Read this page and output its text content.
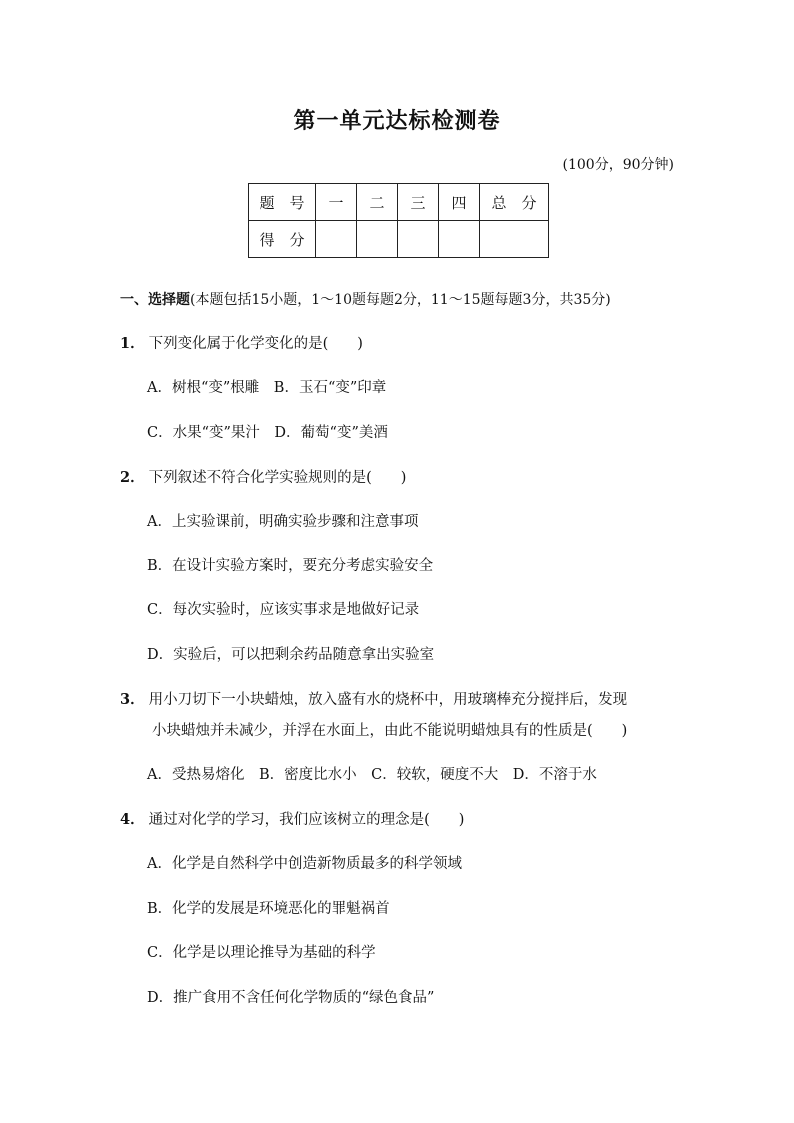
第一单元达标检测卷
(100分，90分钟)
题　号	一	二	三	四	总　分
得　分					
一、选择题(本题包括15小题，1～10题每题2分，11～15题每题3分，共35分)
1． 下列变化属于化学变化的是(　　)
A．树根“变”根雕　B．玉石“变”印章
C．水果“变”果汁　D．葡萄“变”美酒
2． 下列叙述不符合化学实验规则的是(　　)
A．上实验课前，明确实验步骤和注意事项
B．在设计实验方案时，要充分考虑实验安全
C．每次实验时，应该实事求是地做好记录
D．实验后，可以把剩余药品随意拿出实验室
3． 用小刀切下一小块蜡烛，放入盛有水的烧杯中，用玻璃棒充分搅拌后，发现
小块蜡烛并未减少，并浮在水面上，由此不能说明蜡烛具有的性质是(　　)
A．受热易熔化　B．密度比水小　C．较软，硬度不大　D．不溶于水
4． 通过对化学的学习，我们应该树立的理念是(　　)
A．化学是自然科学中创造新物质最多的科学领域
B．化学的发展是环境恶化的罪魁祸首
C．化学是以理论推导为基础的科学
D．推广食用不含任何化学物质的“绿色食品”
